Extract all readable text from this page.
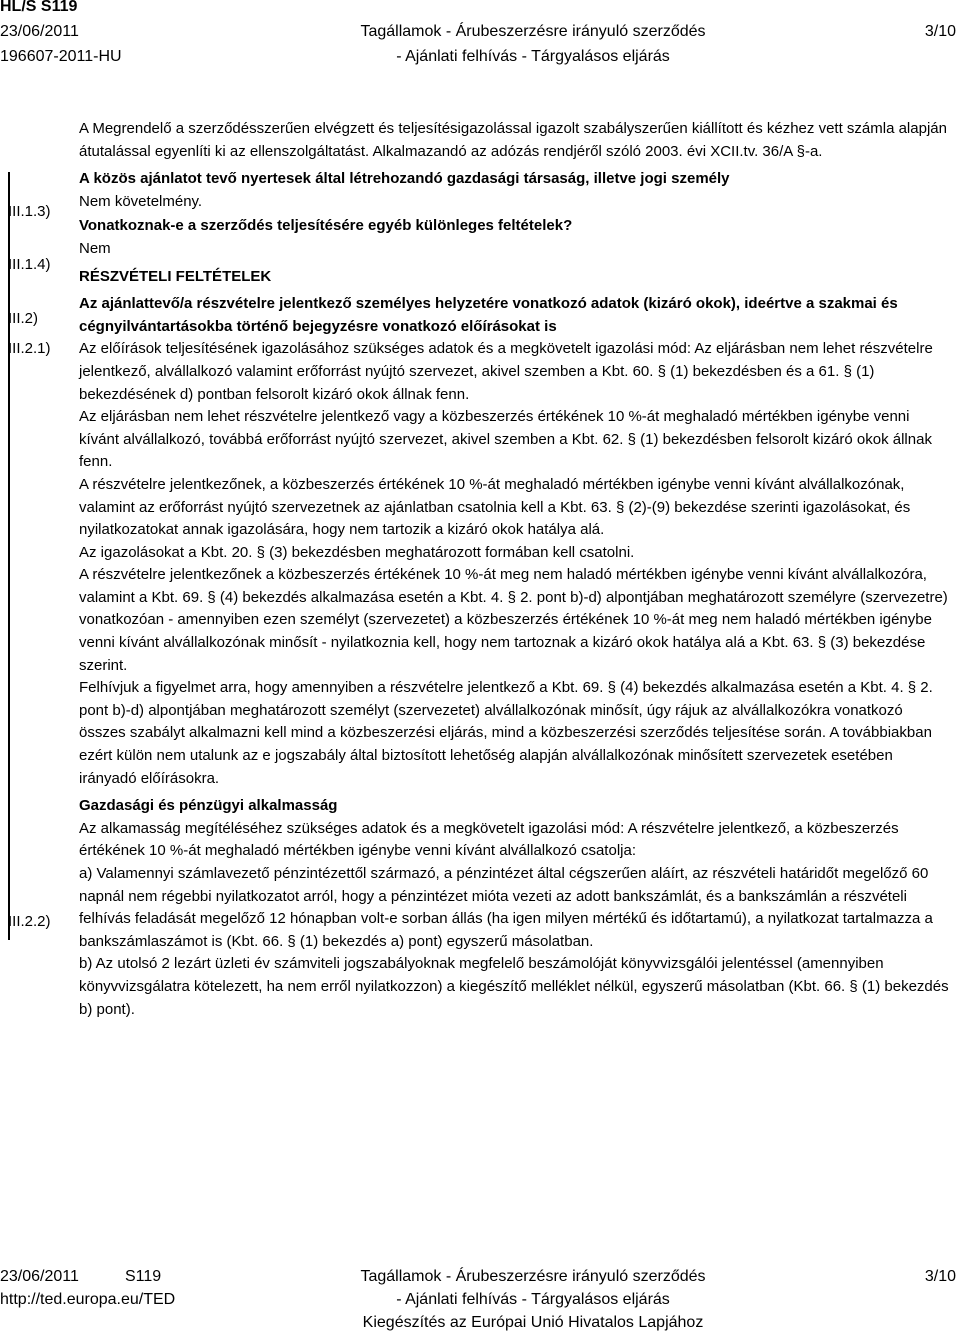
HL/S S119
23/06/2011
196607-2011-HU
Tagállamok - Árubeszerzésre irányuló szerződés
- Ajánlati felhívás - Tárgyalásos eljárás
3/10
III.1.3)
III.1.4)
III.2)
III.2.1)
III.2.2)

A Megrendelő a szerződésszerűen elvégzett és teljesítésigazolással igazolt szabályszerűen kiállított és kézhez vett számla alapján átutalással egyenlíti ki az ellenszolgáltatást. Alkalmazandó az adózás rendjéről szóló 2003. évi XCII.tv. 36/A §-a.

A közös ajánlatot tevő nyertesek által létrehozandó gazdasági társaság, illetve jogi személy

Nem követelmény.

Vonatkoznak-e a szerződés teljesítésére egyéb különleges feltételek?

Nem

RÉSZVÉTELI FELTÉTELEK

Az ajánlattevő/a részvételre jelentkező személyes helyzetére vonatkozó adatok (kizáró okok), ideértve a szakmai és cégnyilvántartásokba történő bejegyzésre vonatkozó előírásokat is

Az előírások teljesítésének igazolásához szükséges adatok és a megkövetelt igazolási mód: Az eljárásban nem lehet részvételre jelentkező, alvállalkozó valamint erőforrást nyújtó szervezet, akivel szemben a Kbt. 60. § (1) bekezdésben és a 61. § (1) bekezdésének d) pontban felsorolt kizáró okok állnak fenn.

Az eljárásban nem lehet részvételre jelentkező vagy a közbeszerzés értékének 10 %-át meghaladó mértékben igénybe venni kívánt alvállalkozó, továbbá erőforrást nyújtó szervezet, akivel szemben a Kbt. 62. § (1) bekezdésben felsorolt kizáró okok állnak fenn.

A részvételre jelentkezőnek, a közbeszerzés értékének 10 %-át meghaladó mértékben igénybe venni kívánt alvállalkozónak, valamint az erőforrást nyújtó szervezetnek az ajánlatban csatolnia kell a Kbt. 63. § (2)-(9) bekezdése szerinti igazolásokat, és nyilatkozatokat annak igazolására, hogy nem tartozik a kizáró okok hatálya alá.

Az igazolásokat a Kbt. 20. § (3) bekezdésben meghatározott formában kell csatolni.

A részvételre jelentkezőnek a közbeszerzés értékének 10 %-át meg nem haladó mértékben igénybe venni kívánt alvállalkozóra, valamint a Kbt. 69. § (4) bekezdés alkalmazása esetén a Kbt. 4. § 2. pont b)-d) alpontjában meghatározott személyre (szervezetre) vonatkozóan - amennyiben ezen személyt (szervezetet) a közbeszerzés értékének 10 %-át meg nem haladó mértékben igénybe venni kívánt alvállalkozónak minősít - nyilatkoznia kell, hogy nem tartoznak a kizáró okok hatálya alá a Kbt. 63. § (3) bekezdése szerint.

Felhívjuk a figyelmet arra, hogy amennyiben a részvételre jelentkező a Kbt. 69. § (4) bekezdés alkalmazása esetén a Kbt. 4. § 2. pont b)-d) alpontjában meghatározott személyt (szervezetet) alvállalkozónak minősít, úgy rájuk az alvállalkozókra vonatkozó összes szabályt alkalmazni kell mind a közbeszerzési eljárás, mind a közbeszerzési szerződés teljesítése során. A továbbiakban ezért külön nem utalunk az e jogszabály által biztosított lehetőség alapján alvállalkozónak minősített szervezetek esetében irányadó előírásokra.

Gazdasági és pénzügyi alkalmasság

Az alkamasság megítéléséhez szükséges adatok és a megkövetelt igazolási mód: A részvételre jelentkező, a közbeszerzés értékének 10 %-át meghaladó mértékben igénybe venni kívánt alvállalkozó csatolja:

a) Valamennyi számlavezető pénzintézettől származó, a pénzintézet által cégszerűen aláírt, az részvételi határidőt megelőző 60 napnál nem régebbi nyilatkozatot arról, hogy a pénzintézet mióta vezeti az adott bankszámlát, és a bankszámlán a részvételi felhívás feladását megelőző 12 hónapban volt-e sorban állás (ha igen milyen mértékű és időtartamú), a nyilatkozat tartalmazza a bankszámlaszámot is (Kbt. 66. § (1) bekezdés a) pont) egyszerű másolatban.

b) Az utolsó 2 lezárt üzleti év számviteli jogszabályoknak megfelelő beszámolóját könyvvizsgálói jelentéssel (amennyiben könyvvizsgálatra kötelezett, ha nem erről nyilatkozzon) a kiegészítő melléklet nélkül, egyszerű másolatban (Kbt. 66. § (1) bekezdés b) pont).

23/06/2011	S119
http://ted.europa.eu/TED
Tagállamok - Árubeszerzésre irányuló szerződés
- Ajánlati felhívás - Tárgyalásos eljárás
Kiegészítés az Európai Unió Hivatalos Lapjához
3/10
